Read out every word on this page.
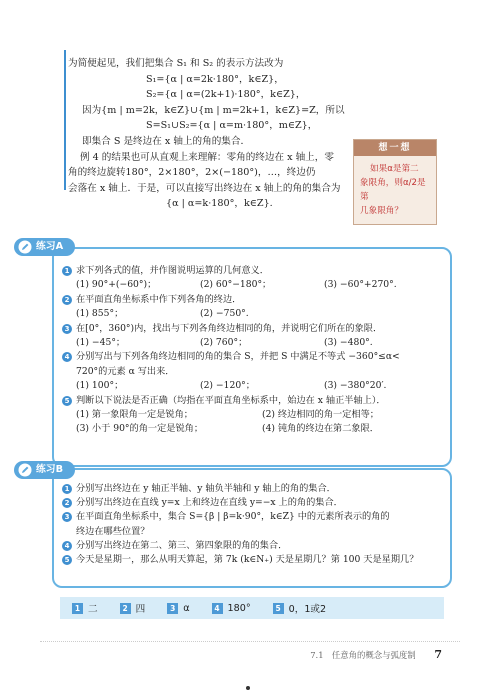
为简便起见，我们把集合 S₁ 和 S₂ 的表示方法改为

S₁={α | α=2k·180°，k∈Z}，

S₂={α | α=(2k+1)·180°，k∈Z}，

因为{m | m=2k，k∈Z}∪{m | m=2k+1，k∈Z}=Z，所以

S=S₁∪S₂={α | α=m·180°，m∈Z}，

即集合 S 是终边在 x 轴上的角的集合．

例 4 的结果也可从直观上来理解：零角的终边在 x 轴上，零

角的终边旋转180°，2×180°，2×(−180°)，…，终边仍

会落在 x 轴上．于是，可以直接写出终边在 x 轴上的角的集合为

{α | α=k·180°，k∈Z}.

想一想
如果α是第二
象限角，则α/2是第
几象限角？
练习A
1 求下列各式的值，并作图说明运算的几何意义．
(1) 90°+(−60°)；	(2) 60°−180°；	(3) −60°+270°.
2 在平面直角坐标系中作下列各角的终边．
(1) 855°；	(2) −750°.
3 在[0°，360°)内，找出与下列各角终边相同的角，并说明它们所在的象限．
(1) −45°；	(2) 760°；	(3) −480°.
4 分别写出与下列各角终边相同的角的集合 S，并把 S 中满足不等式 −360°≤α<
720°的元素 α 写出来．
(1) 100°；	(2) −120°；	(3) −380°20′.
5 判断以下说法是否正确（均指在平面直角坐标系中，始边在 x 轴正半轴上）．
(1) 第一象限角一定是锐角；	(2) 终边相同的角一定相等；
(3) 小于 90°的角一定是锐角；	(4) 钝角的终边在第二象限．
练习B
1 分别写出终边在 y 轴正半轴、y 轴负半轴和 y 轴上的角的集合．
2 分别写出终边在直线 y=x 上和终边在直线 y=−x 上的角的集合．
3 在平面直角坐标系中，集合 S={β | β=k·90°，k∈Z} 中的元素所表示的角的
终边在哪些位置？
4 分别写出终边在第二、第三、第四象限的角的集合．
5 今天是星期一，那么从明天算起，第 7k (k∈N₊) 天是星期几？第 100 天是星期几？
1 二	2 四	3 α	4 180°	5 0，1或2
7.1　任意角的概念与弧度制 7
